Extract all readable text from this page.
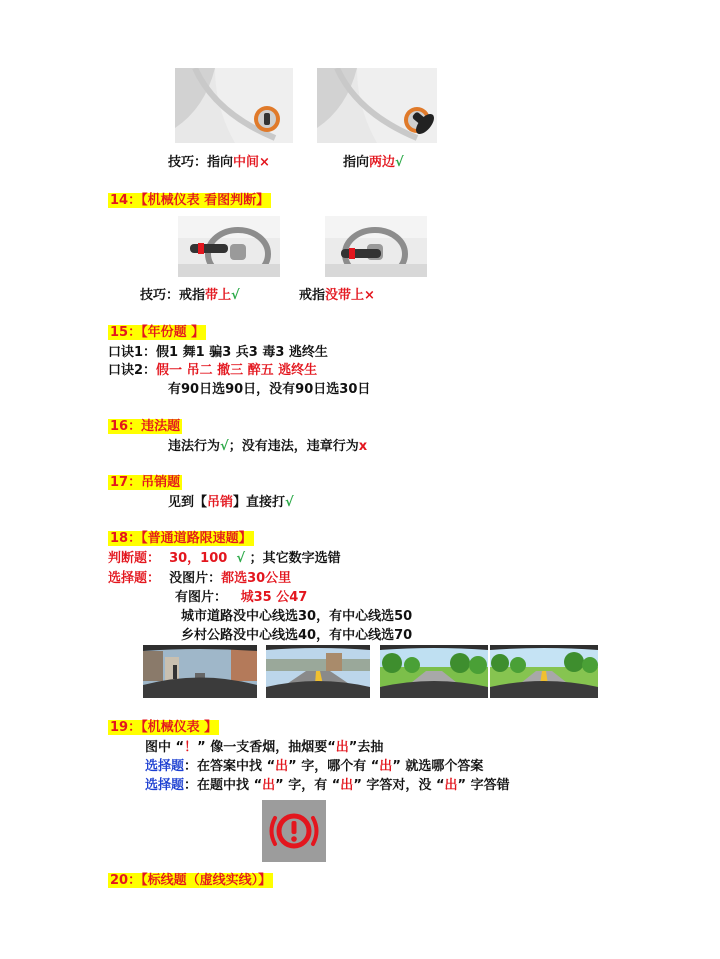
技巧：指向中间×	指向两边√
14：【机械仪表 看图判断】
技巧：戒指带上√	戒指没带上×
15：【年份题 】
口诀1：假1 舞1 骗3 兵3 毒3 逃终生
口诀2：假一 吊二 撤三 醉五 逃终生
有90日选90日，没有90日选30日
16：违法题
违法行为√；没有违法，违章行为x
17：吊销题
见到【吊销】直接打√
18：【普通道路限速题】
判断题： 30，100 √ ；其它数字选错
选择题： 没图片：都选30公里
有图片： 城35 公47
城市道路没中心线选30，有中心线选50
乡村公路没中心线选40，有中心线选70
19：【机械仪表 】
图中 “！” 像一支香烟，抽烟要“出”去抽
选择题：在答案中找 “出” 字，哪个有 “出” 就选哪个答案
选择题：在题中找 “出” 字，有 “出” 字答对，没 “出” 字答错
20：【标线题（虚线实线）】
